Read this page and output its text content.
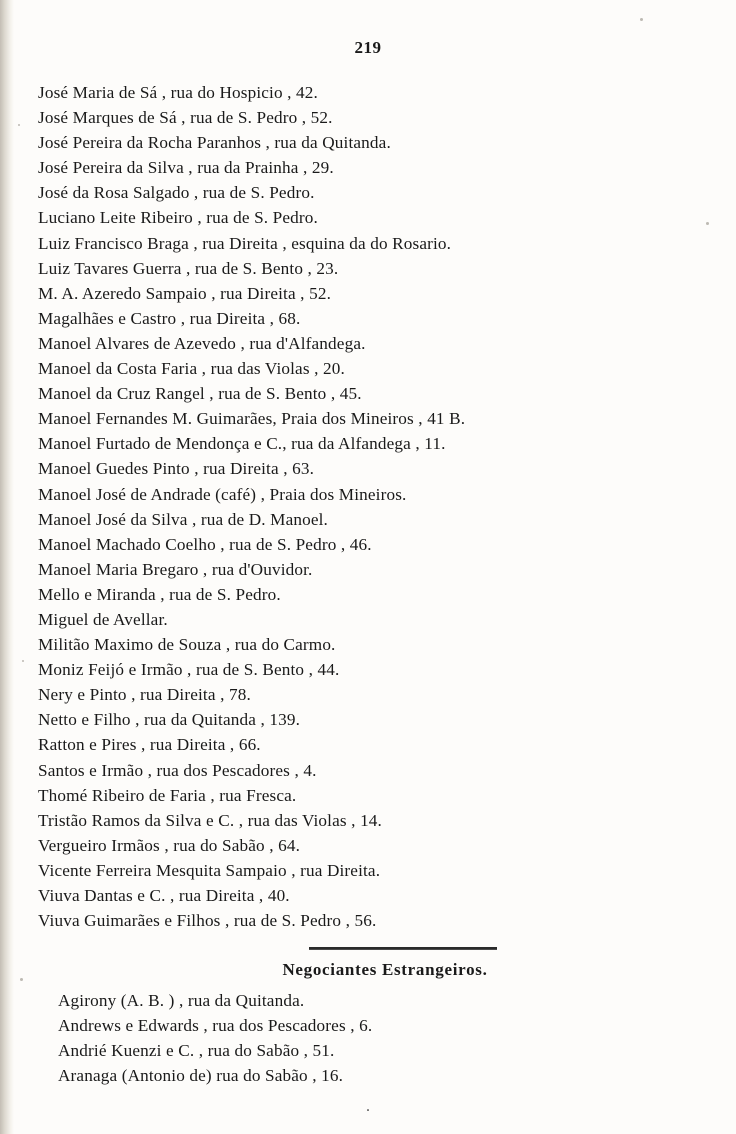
219
José Maria de Sá , rua do Hospicio , 42.
José Marques de Sá , rua de S. Pedro , 52.
José Pereira da Rocha Paranhos , rua da Quitanda.
José Pereira da Silva , rua da Prainha , 29.
José da Rosa Salgado , rua de S. Pedro.
Luciano Leite Ribeiro , rua de S. Pedro.
Luiz Francisco Braga , rua Direita , esquina da do Rosario.
Luiz Tavares Guerra , rua de S. Bento , 23.
M. A. Azeredo Sampaio , rua Direita , 52.
Magalhães e Castro , rua Direita , 68.
Manoel Alvares de Azevedo , rua d'Alfandega.
Manoel da Costa Faria , rua das Violas , 20.
Manoel da Cruz Rangel , rua de S. Bento , 45.
Manoel Fernandes M. Guimarães, Praia dos Mineiros , 41 B.
Manoel Furtado de Mendonça e C., rua da Alfandega , 11.
Manoel Guedes Pinto , rua Direita , 63.
Manoel José de Andrade (café) , Praia dos Mineiros.
Manoel José da Silva , rua de D. Manoel.
Manoel Machado Coelho , rua de S. Pedro , 46.
Manoel Maria Bregaro , rua d'Ouvidor.
Mello e Miranda , rua de S. Pedro.
Miguel de Avellar.
Militão Maximo de Souza , rua do Carmo.
Moniz Feijó e Irmão , rua de S. Bento , 44.
Nery e Pinto , rua Direita , 78.
Netto e Filho , rua da Quitanda , 139.
Ratton e Pires , rua Direita , 66.
Santos e Irmão , rua dos Pescadores , 4.
Thomé Ribeiro de Faria , rua Fresca.
Tristão Ramos da Silva e C. , rua das Violas , 14.
Vergueiro Irmãos , rua do Sabão , 64.
Vicente Ferreira Mesquita Sampaio , rua Direita.
Viuva Dantas e C. , rua Direita , 40.
Viuva Guimarães e Filhos , rua de S. Pedro , 56.
Negociantes Estrangeiros.
Agirony (A. B. ) , rua da Quitanda.
Andrews e Edwards , rua dos Pescadores , 6.
Andrié Kuenzi e C. , rua do Sabão , 51.
Aranaga (Antonio de) rua do Sabão , 16.
.
